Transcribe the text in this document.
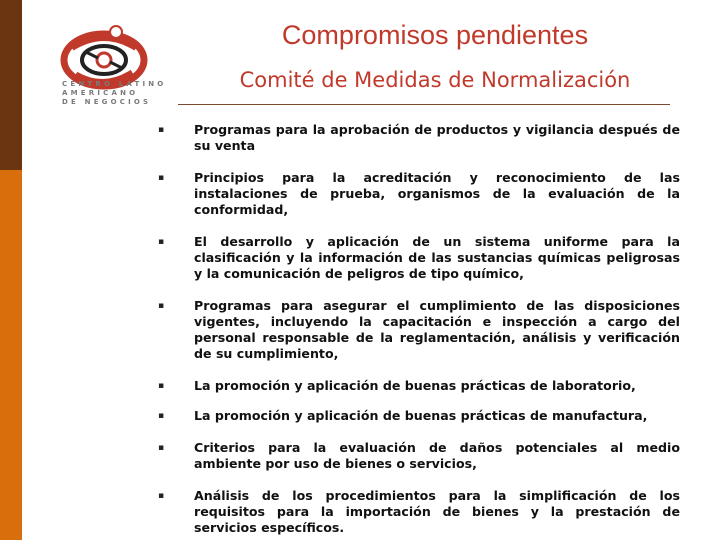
CENTRO LATINO
AMERICANO
DE NEGOCIOS
Compromisos pendientes
Comité de Medidas de Normalización
▪ Programas para la aprobación de productos y vigilancia después de su venta
▪ Principios para la acreditación y reconocimiento de las instalaciones de prueba, organismos de la evaluación de la conformidad,
▪ El desarrollo y aplicación de un sistema uniforme para la clasificación y la información de las sustancias químicas peligrosas y la comunicación de peligros de tipo químico,
▪ Programas para asegurar el cumplimiento de las disposiciones vigentes, incluyendo la capacitación e inspección a cargo del personal responsable de la reglamentación, análisis y verificación de su cumplimiento,
▪ La promoción y aplicación de buenas prácticas de laboratorio,
▪ La promoción y aplicación de buenas prácticas de manufactura,
▪ Criterios para la evaluación de daños potenciales al medio ambiente por uso de bienes o servicios,
▪ Análisis de los procedimientos para la simplificación de los requisitos para la importación de bienes y la prestación de servicios específicos.
